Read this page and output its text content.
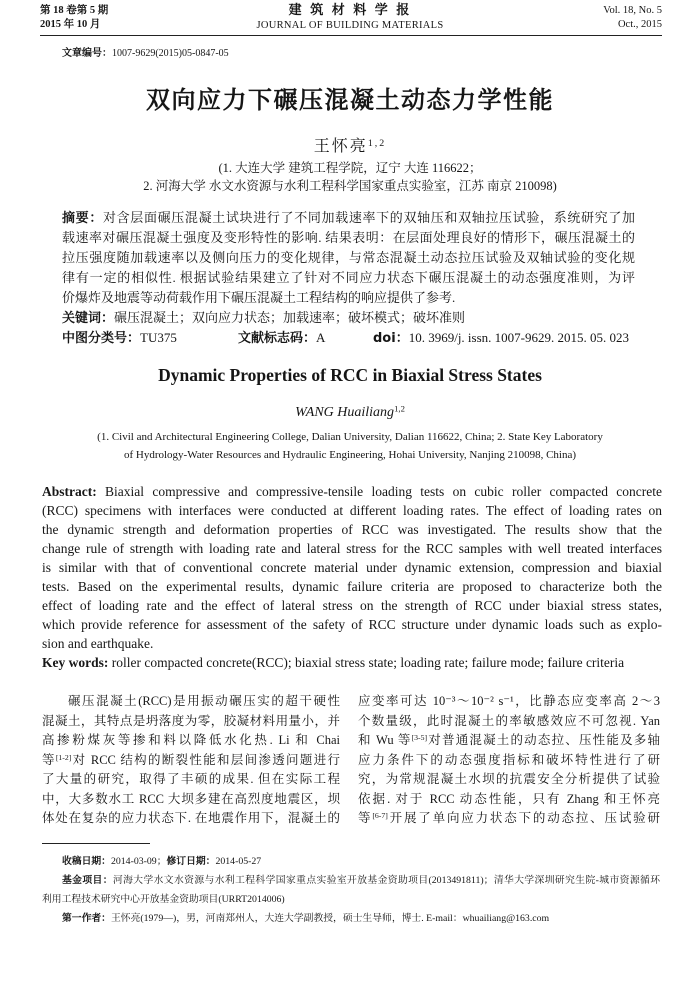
第 18 卷第 5 期
2015 年 10 月
建 筑 材 料 学 报
JOURNAL OF BUILDING MATERIALS
Vol. 18, No. 5
Oct., 2015
文章编号：1007-9629(2015)05-0847-05
双向应力下碾压混凝土动态力学性能
王怀亮$^{1,2}$
(1. 大连大学 建筑工程学院，辽宁 大连 116622；
2. 河海大学 水文水资源与水利工程科学国家重点实验室，江苏 南京 210098)
摘要：对含层面碾压混凝土试块进行了不同加载速率下的双轴压和双轴拉压试验，系统研究了加
载速率对碾压混凝土强度及变形特性的影响. 结果表明：在层面处理良好的情形下，碾压混凝土的
拉压强度随加载速率以及侧向压力的变化规律，与常态混凝土动态拉压试验及双轴试验的变化规
律有一定的相似性. 根据试验结果建立了针对不同应力状态下碾压混凝土的动态强度准则，为评
价爆炸及地震等动荷载作用下碾压混凝土工程结构的响应提供了参考.
关键词：碾压混凝土；双向应力状态；加载速率；破坏模式；破坏准则
中图分类号：TU375	文献标志码：A	doi：10. 3969/j. issn. 1007-9629. 2015. 05. 023
Dynamic Properties of RCC in Biaxial Stress States
WANG Huailiang$^{1,2}$
(1. Civil and Architectural Engineering College, Dalian University, Dalian 116622, China; 2. State Key Laboratory
of Hydrology-Water Resources and Hydraulic Engineering, Hohai University, Nanjing 210098, China)
Abstract: Biaxial compressive and compressive-tensile loading tests on cubic roller compacted concrete
(RCC) specimens with interfaces were conducted at different loading rates. The effect of loading rates on
the dynamic strength and deformation properties of RCC was investigated. The results show that the
change rule of strength with loading rate and lateral stress for the RCC samples with well treated interfaces
is similar with that of conventional concrete material under dynamic extension, compression and biaxial
tests. Based on the experimental results, dynamic failure criteria are proposed to characterize both the
effect of loading rate and the effect of lateral stress on the strength of RCC under biaxial stress states,
which provide reference for assessment of the safety of RCC structure under dynamic loads such as explo-
sion and earthquake.
Key words: roller compacted concrete(RCC); biaxial stress state; loading rate; failure mode; failure criteria
碾压混凝土(RCC)是用振动碾压实的超干硬性
混凝土，其特点是坍落度为零，胶凝材料用量小，并
高掺粉煤灰等掺和料以降低水化热. Li 和 Chai
等[1-2]对 RCC 结构的断裂性能和层间渗透问题进行
了大量的研究，取得了丰硕的成果. 但在实际工程
中，大多数水工 RCC 大坝多建在高烈度地震区，坝
体处在复杂的应力状态下. 在地震作用下，混凝土的
应变率可达 10⁻³～10⁻² s⁻¹，比静态应变率高 2～3
个数量级，此时混凝土的率敏感效应不可忽视. Yan
和 Wu 等[3-5]对普通混凝土的动态拉、压性能及多轴
应力条件下的动态强度指标和破坏特性进行了研
究，为常规混凝土水坝的抗震安全分析提供了试验
依据. 对于 RCC 动态性能，只有 Zhang 和王怀亮
等[6-7]开展了单向应力状态下的动态拉、压试验研
收稿日期：2014-03-09；修订日期：2014-05-27
基金项目：河海大学水文水资源与水利工程科学国家重点实验室开放基金资助项目(2013491811)；清华大学深圳研究生院-城市资源循环
利用工程技术研究中心开放基金资助项目(URRT2014006)
第一作者：王怀亮(1979—)，男，河南郑州人，大连大学副教授，硕士生导师，博士. E-mail：whuailiang@163.com
